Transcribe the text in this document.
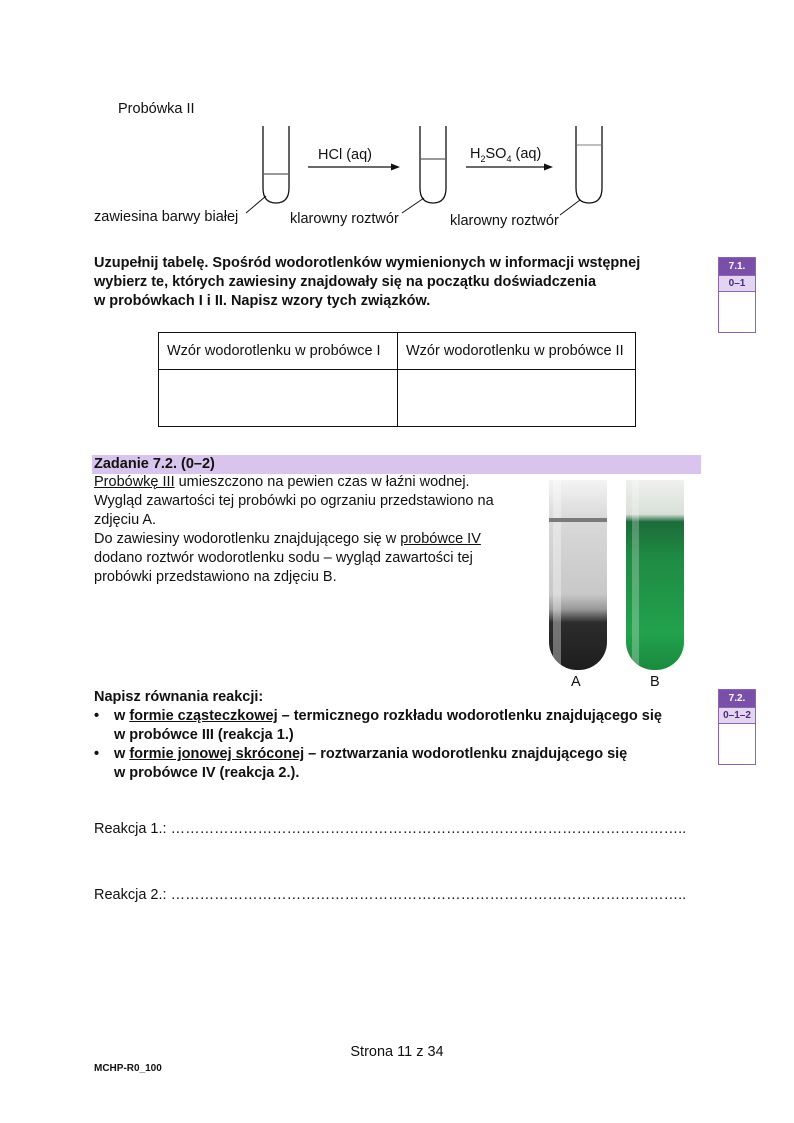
Probówka II
HCl (aq)	$H_2SO_4$ (aq)
zawiesina barwy białej	klarowny roztwór	klarowny roztwór
Uzupełnij tabelę. Spośród wodorotlenków wymienionych w informacji wstępnej
wybierz te, których zawiesiny znajdowały się na początku doświadczenia
w probówkach I i II. Napisz wzory tych związków.
7.1.
0–1
Wzór wodorotlenku w probówce I	Wzór wodorotlenku w probówce II

Zadanie 7.2. (0–2)
Probówkę III umieszczono na pewien czas w łaźni wodnej.
Wygląd zawartości tej probówki po ogrzaniu przedstawiono na
zdjęciu A.
Do zawiesiny wodorotlenku znajdującego się w probówce IV
dodano roztwór wodorotlenku sodu – wygląd zawartości tej
probówki przedstawiono na zdjęciu B.
A	B
7.2.
0–1–2
Napisz równania reakcji:
• w formie cząsteczkowej – termicznego rozkładu wodorotlenku znajdującego się
w probówce III (reakcja 1.)
• w formie jonowej skróconej – roztwarzania wodorotlenku znajdującego się
w probówce IV (reakcja 2.).
Reakcja 1.: ……………………………………………………………………………………………..
Reakcja 2.: ……………………………………………………………………………………………..
Strona 11 z 34
MCHP-R0_100
